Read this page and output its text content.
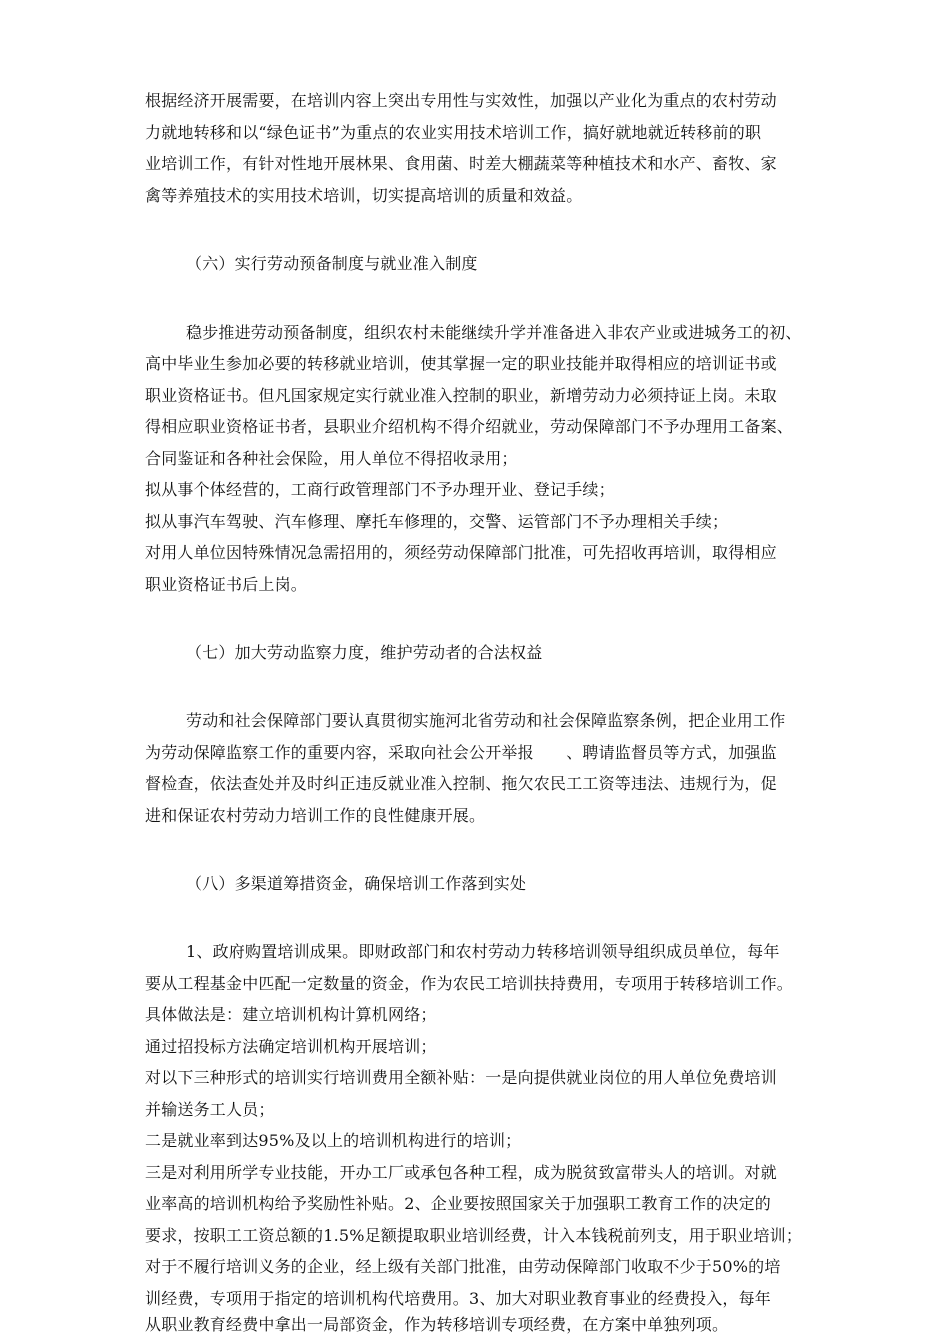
根据经济开展需要，在培训内容上突出专用性与实效性，加强以产业化为重点的农村劳动
力就地转移和以“绿色证书”为重点的农业实用技术培训工作，搞好就地就近转移前的职
业培训工作，有针对性地开展林果、食用菌、时差大棚蔬菜等种植技术和水产、畜牧、家
禽等养殖技术的实用技术培训，切实提高培训的质量和效益。
（六）实行劳动预备制度与就业准入制度
稳步推进劳动预备制度，组织农村未能继续升学并准备进入非农产业或进城务工的初、
高中毕业生参加必要的转移就业培训，使其掌握一定的职业技能并取得相应的培训证书或
职业资格证书。但凡国家规定实行就业准入控制的职业，新增劳动力必须持证上岗。未取
得相应职业资格证书者，县职业介绍机构不得介绍就业，劳动保障部门不予办理用工备案、
合同鉴证和各种社会保险，用人单位不得招收录用；
拟从事个体经营的，工商行政管理部门不予办理开业、登记手续；
拟从事汽车驾驶、汽车修理、摩托车修理的，交警、运管部门不予办理相关手续；
对用人单位因特殊情况急需招用的，须经劳动保障部门批准，可先招收再培训，取得相应
职业资格证书后上岗。
（七）加大劳动监察力度，维护劳动者的合法权益
劳动和社会保障部门要认真贯彻实施河北省劳动和社会保障监察条例，把企业用工作
为劳动保障监察工作的重要内容，采取向社会公开举报　　、聘请监督员等方式，加强监
督检查，依法查处并及时纠正违反就业准入控制、拖欠农民工工资等违法、违规行为，促
进和保证农村劳动力培训工作的良性健康开展。
（八）多渠道筹措资金，确保培训工作落到实处
1、政府购置培训成果。即财政部门和农村劳动力转移培训领导组织成员单位，每年
要从工程基金中匹配一定数量的资金，作为农民工培训扶持费用，专项用于转移培训工作。
具体做法是：建立培训机构计算机网络；
通过招投标方法确定培训机构开展培训；
对以下三种形式的培训实行培训费用全额补贴：一是向提供就业岗位的用人单位免费培训
并输送务工人员；
二是就业率到达95%及以上的培训机构进行的培训；
三是对利用所学专业技能，开办工厂或承包各种工程，成为脱贫致富带头人的培训。对就
业率高的培训机构给予奖励性补贴。2、企业要按照国家关于加强职工教育工作的决定的
要求，按职工工资总额的1.5%足额提取职业培训经费，计入本钱税前列支，用于职业培训；
对于不履行培训义务的企业，经上级有关部门批准，由劳动保障部门收取不少于50%的培
训经费，专项用于指定的培训机构代培费用。3、加大对职业教育事业的经费投入，每年
从职业教育经费中拿出一局部资金，作为转移培训专项经费，在方案中单独列项。
